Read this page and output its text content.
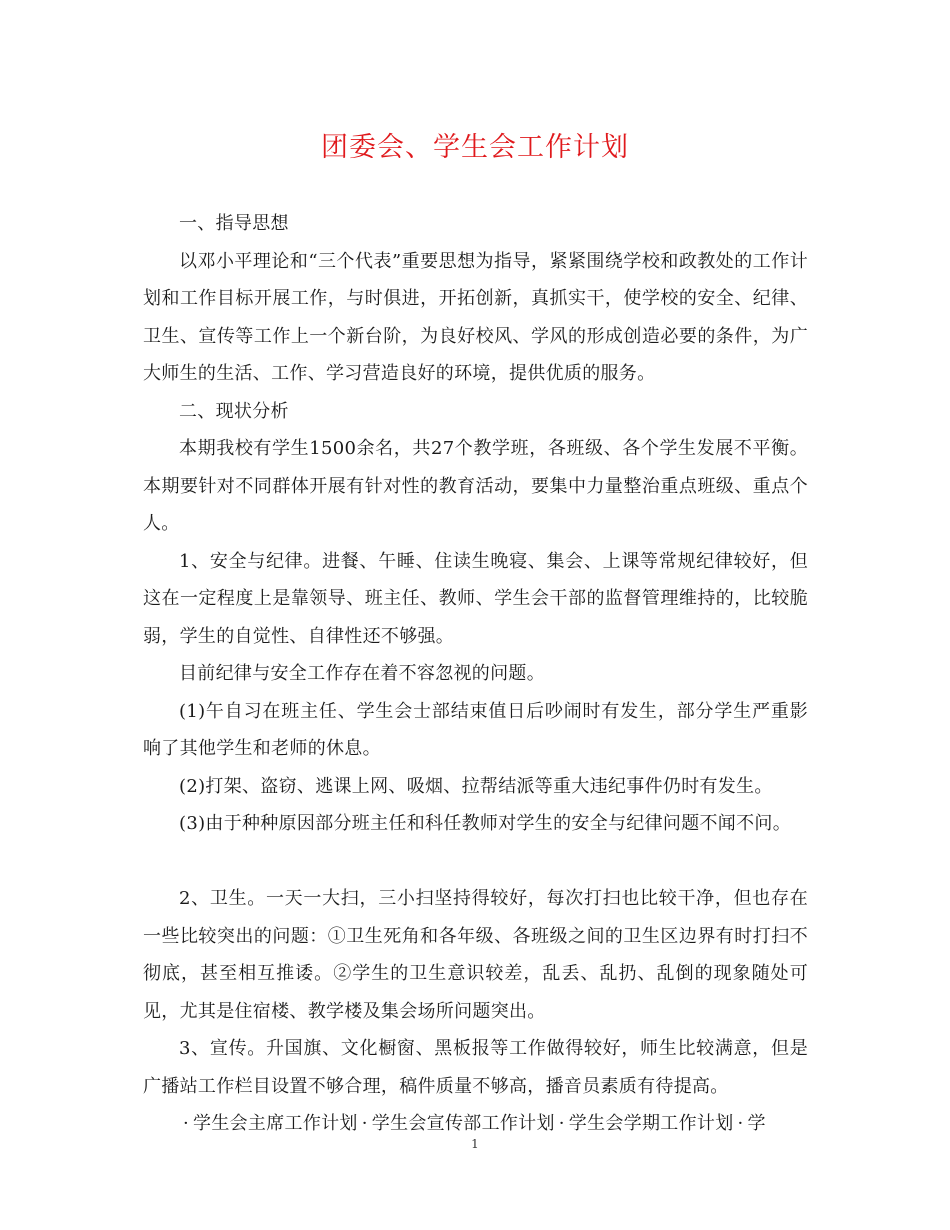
团委会、学生会工作计划

一、指导思想

以邓小平理论和“三个代表”重要思想为指导，紧紧围绕学校和政教处的工作计划和工作目标开展工作，与时俱进，开拓创新，真抓实干，使学校的安全、纪律、卫生、宣传等工作上一个新台阶，为良好校风、学风的形成创造必要的条件，为广大师生的生活、工作、学习营造良好的环境，提供优质的服务。

二、现状分析

本期我校有学生1500余名，共27个教学班，各班级、各个学生发展不平衡。本期要针对不同群体开展有针对性的教育活动，要集中力量整治重点班级、重点个人。

1、安全与纪律。进餐、午睡、住读生晚寝、集会、上课等常规纪律较好，但这在一定程度上是靠领导、班主任、教师、学生会干部的监督管理维持的，比较脆弱，学生的自觉性、自律性还不够强。

目前纪律与安全工作存在着不容忽视的问题。

(1)午自习在班主任、学生会士部结束值日后吵闹时有发生，部分学生严重影响了其他学生和老师的休息。

(2)打架、盗窃、逃课上网、吸烟、拉帮结派等重大违纪事件仍时有发生。

(3)由于种种原因部分班主任和科任教师对学生的安全与纪律问题不闻不问。

2、卫生。一天一大扫，三小扫坚持得较好，每次打扫也比较干净，但也存在一些比较突出的问题：①卫生死角和各年级、各班级之间的卫生区边界有时打扫不彻底，甚至相互推诿。②学生的卫生意识较差，乱丢、乱扔、乱倒的现象随处可见，尤其是住宿楼、教学楼及集会场所问题突出。

3、宣传。升国旗、文化橱窗、黑板报等工作做得较好，师生比较满意，但是广播站工作栏目设置不够合理，稿件质量不够高，播音员素质有待提高。

· 学生会主席工作计划 · 学生会宣传部工作计划 · 学生会学期工作计划 · 学

1
